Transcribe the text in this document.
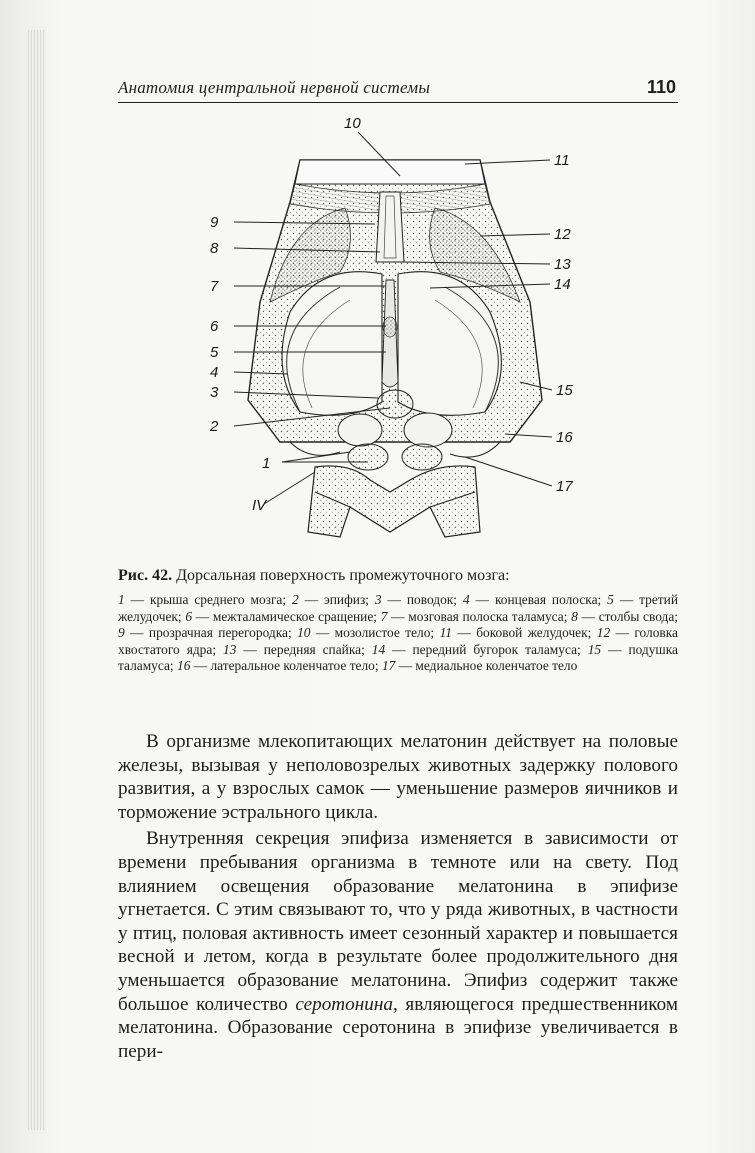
Анатомия центральной нервной системы	110
10
11
9
12
8
13
7	14
6
5
4
3	15
2
16
1
17
IV
Рис. 42. Дорсальная поверхность промежуточного мозга:
1 — крыша среднего мозга; 2 — эпифиз; 3 — поводок; 4 — концевая полоска; 5 — третий желудочек; 6 — межталамическое сращение; 7 — мозговая полоска таламуса; 8 — столбы свода; 9 — прозрачная перегородка; 10 — мозолистое тело; 11 — боковой желудочек; 12 — головка хвостатого ядра; 13 — передняя спайка; 14 — передний бугорок таламуса; 15 — подушка таламуса; 16 — латеральное коленчатое тело; 17 — медиальное коленчатое тело

В организме млекопитающих мелатонин действует на половые железы, вызывая у неполовозрелых животных задержку полового развития, а у взрослых самок — уменьшение размеров яичников и торможение эстрального цикла.

Внутренняя секреция эпифиза изменяется в зависимости от времени пребывания организма в темноте или на свету. Под влиянием освещения образование мелатонина в эпифизе угнетается. С этим связывают то, что у ряда животных, в частности у птиц, половая активность имеет сезонный характер и повышается весной и летом, когда в результате более продолжительного дня уменьшается образование мелатонина. Эпифиз содержит также большое количество серотонина, являющегося предшественником мелатонина. Образование серотонина в эпифизе увеличивается в пери-
